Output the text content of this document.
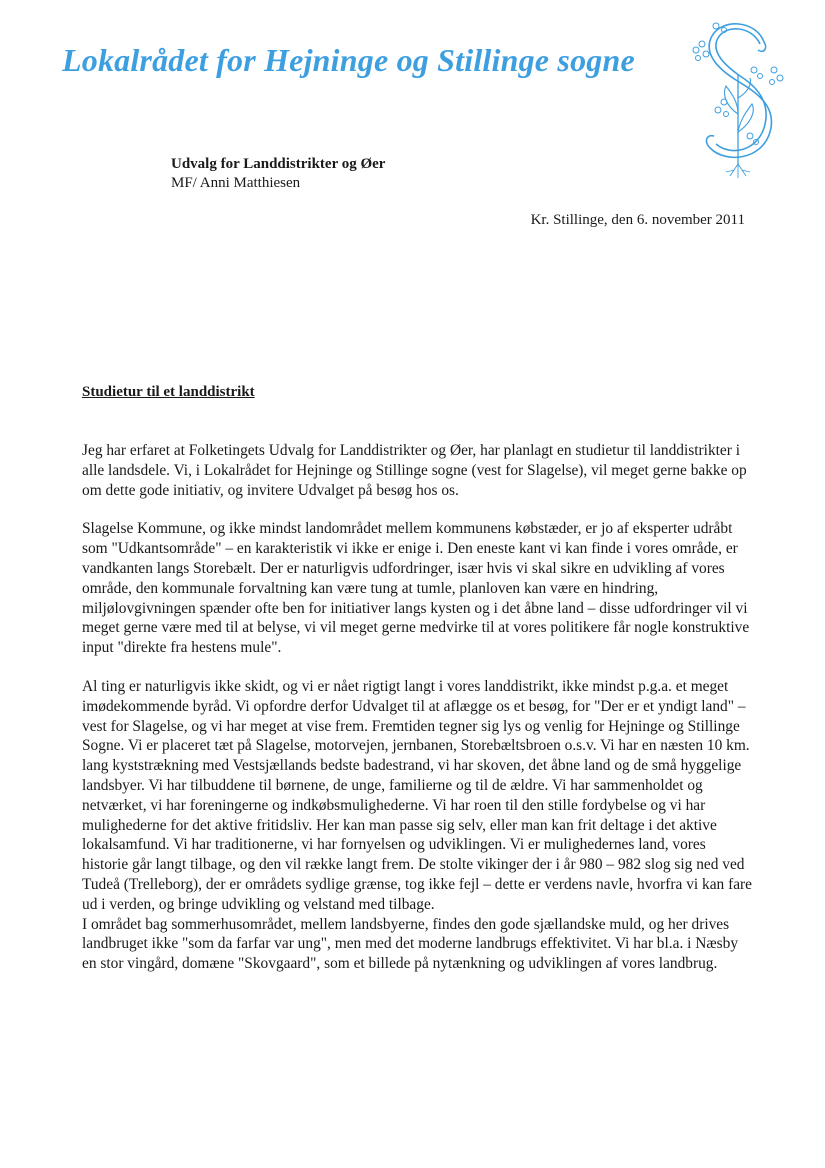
Lokalrådet for Hejninge og Stillinge sogne
Udvalg for Landdistrikter og Øer
MF/ Anni Matthiesen
Kr. Stillinge, den 6. november 2011
Studietur til et landdistrikt

Jeg har erfaret at Folketingets Udvalg for Landdistrikter og Øer, har planlagt en studietur til landdistrikter i alle landsdele. Vi, i Lokalrådet for Hejninge og Stillinge sogne (vest for Slagelse), vil meget gerne bakke op om dette gode initiativ, og invitere Udvalget på besøg hos os.

Slagelse Kommune, og ikke mindst landområdet mellem kommunens købstæder, er jo af eksperter udråbt som "Udkantsområde" – en karakteristik vi ikke er enige i. Den eneste kant vi kan finde i vores område, er vandkanten langs Storebælt. Der er naturligvis udfordringer, især hvis vi skal sikre en udvikling af vores område, den kommunale forvaltning kan være tung at tumle, planloven kan være en hindring, miljølovgivningen spænder ofte ben for initiativer langs kysten og i det åbne land – disse udfordringer vil vi meget gerne være med til at belyse, vi vil meget gerne medvirke til at vores politikere får nogle konstruktive input "direkte fra hestens mule".

Al ting er naturligvis ikke skidt, og vi er nået rigtigt langt i vores landdistrikt, ikke mindst p.g.a. et meget imødekommende byråd. Vi opfordre derfor Udvalget til at aflægge os et besøg, for "Der er et yndigt land" – vest for Slagelse, og vi har meget at vise frem. Fremtiden tegner sig lys og venlig for Hejninge og Stillinge Sogne. Vi er placeret tæt på Slagelse, motorvejen, jernbanen, Storebæltsbroen o.s.v. Vi har en næsten 10 km. lang kyststrækning med Vestsjællands bedste badestrand, vi har skoven, det åbne land og de små hyggelige landsbyer. Vi har tilbuddene til børnene, de unge, familierne og til de ældre. Vi har sammenholdet og netværket, vi har foreningerne og indkøbsmulighederne. Vi har roen til den stille fordybelse og vi har mulighederne for det aktive fritidsliv. Her kan man passe sig selv, eller man kan frit deltage i det aktive lokalsamfund. Vi har traditionerne, vi har fornyelsen og udviklingen. Vi er mulighedernes land, vores historie går langt tilbage, og den vil række langt frem. De stolte vikinger der i år 980 – 982 slog sig ned ved Tudeå (Trelleborg), der er områdets sydlige grænse, tog ikke fejl – dette er verdens navle, hvorfra vi kan fare ud i verden, og bringe udvikling og velstand med tilbage.

I området bag sommerhusområdet, mellem landsbyerne, findes den gode sjællandske muld, og her drives landbruget ikke "som da farfar var ung", men med det moderne landbrugs effektivitet. Vi har bl.a. i Næsby en stor vingård, domæne "Skovgaard", som et billede på nytænkning og udviklingen af vores landbrug.
